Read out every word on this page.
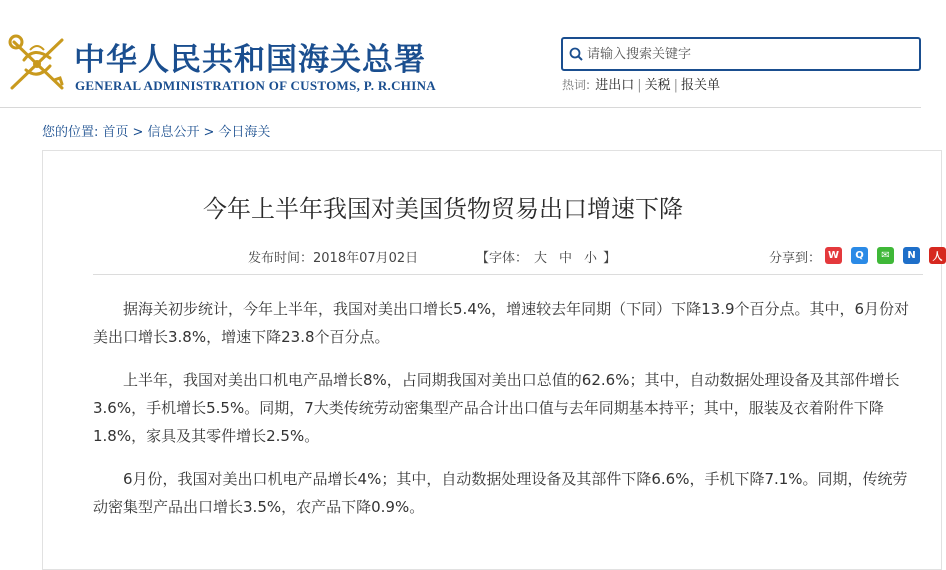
中华人民共和国海关总署
GENERAL ADMINISTRATION OF CUSTOMS, P. R.CHINA
请输入搜索关键字	热词: 进出口 | 关税 | 报关单
您的位置: 首页 > 信息公开 > 今日海关
今年上半年我国对美国货物贸易出口增速下降
发布时间：2018年07月02日	【字体： 大 中 小 】	分享到： W	Q	✉	N	人

据海关初步统计，今年上半年，我国对美出口增长5.4%，增速较去年同期（下同）下降13.9个百分点。其中，6月份对美出口增长3.8%，增速下降23.8个百分点。

上半年，我国对美出口机电产品增长8%，占同期我国对美出口总值的62.6%；其中，自动数据处理设备及其部件增长3.6%，手机增长5.5%。同期，7大类传统劳动密集型产品合计出口值与去年同期基本持平；其中，服装及衣着附件下降1.8%，家具及其零件增长2.5%。

6月份，我国对美出口机电产品增长4%；其中，自动数据处理设备及其部件下降6.6%，手机下降7.1%。同期，传统劳动密集型产品出口增长3.5%，农产品下降0.9%。
